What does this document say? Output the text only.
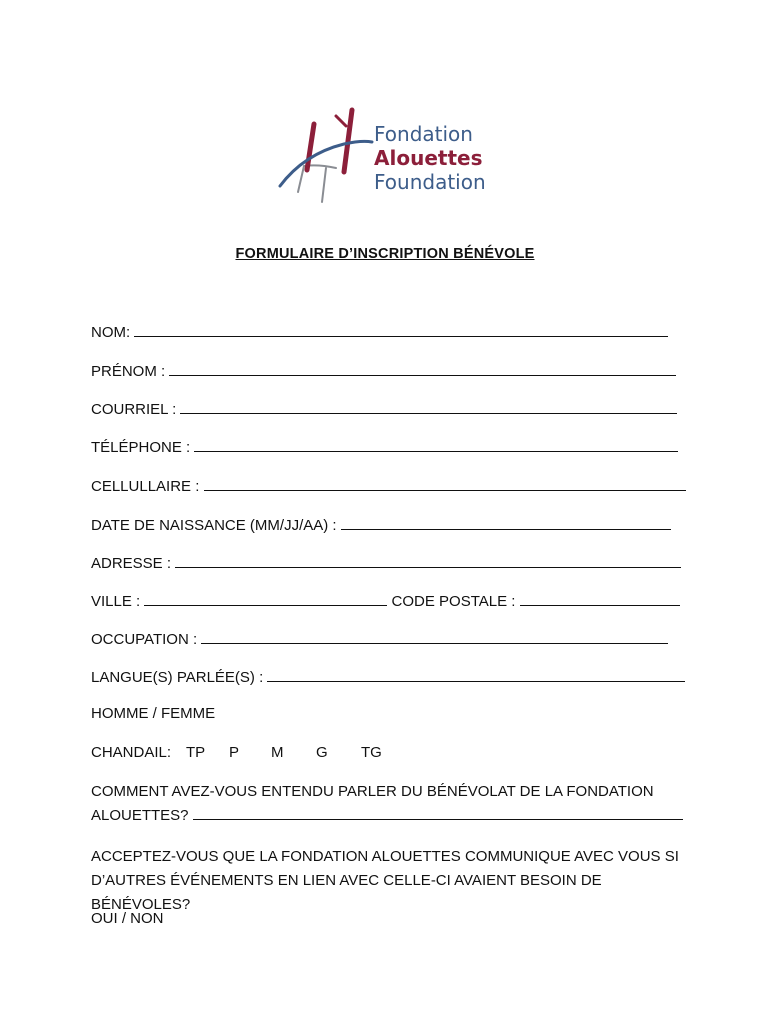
Fondation
Alouettes
Foundation
FORMULAIRE D’INSCRIPTION BÉNÉVOLE
NOM:
PRÉNOM :
COURRIEL :
TÉLÉPHONE :
CELLULLAIRE :
DATE DE NAISSANCE (MM/JJ/AA) :
ADRESSE :
VILLE :	CODE POSTALE :
OCCUPATION :
LANGUE(S) PARLÉE(S) :
HOMME / FEMME
CHANDAIL: TP P M G TG
COMMENT AVEZ-VOUS ENTENDU PARLER DU BÉNÉVOLAT DE LA FONDATION
ALOUETTES?
ACCEPTEZ-VOUS QUE LA FONDATION ALOUETTES COMMUNIQUE AVEC VOUS SI
D’AUTRES ÉVÉNEMENTS EN LIEN AVEC CELLE-CI AVAIENT BESOIN DE BÉNÉVOLES?
OUI / NON
